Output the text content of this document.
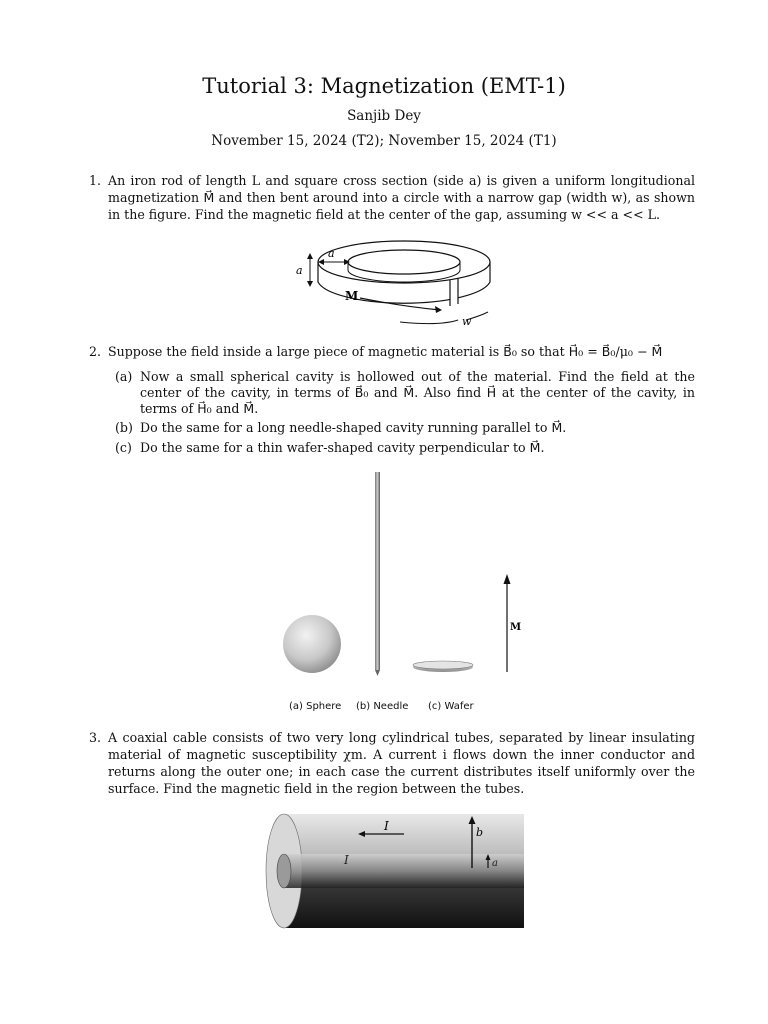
Tutorial 3: Magnetization (EMT-1)
Sanjib Dey
November 15, 2024 (T2); November 15, 2024 (T1)
1. An iron rod of length L and square cross section (side a) is given a uniform longitudional magnetization M⃗ and then bent around into a circle with a narrow gap (width w), as shown in the figure. Find the magnetic field at the center of the gap, assuming w << a << L.
a
a
M
w
2. Suppose the field inside a large piece of magnetic material is B⃗₀ so that H⃗₀ = B⃗₀/μ₀ − M⃗
(a) Now a small spherical cavity is hollowed out of the material. Find the field at the center of the cavity, in terms of B⃗₀ and M⃗. Also find H⃗ at the center of the cavity, in terms of H⃗₀ and M⃗.
(b) Do the same for a long needle-shaped cavity running parallel to M⃗.
(c) Do the same for a thin wafer-shaped cavity perpendicular to M⃗.
M
(a) Sphere (b) Needle (c) Wafer
3. A coaxial cable consists of two very long cylindrical tubes, separated by linear insulating material of magnetic susceptibility χm. A current i flows down the inner conductor and returns along the outer one; in each case the current distributes itself uniformly over the surface. Find the magnetic field in the region between the tubes.
I
I
b
a
